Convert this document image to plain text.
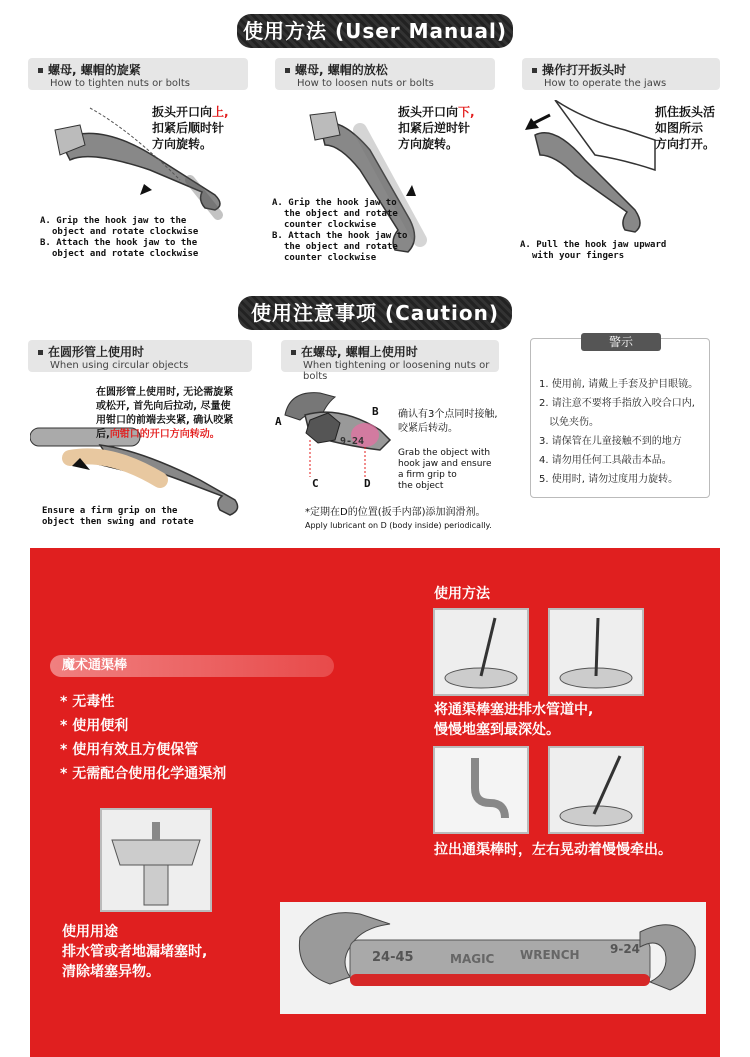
使用方法 (User Manual)
螺母, 螺帽的旋紧
How to tighten nuts or bolts
螺母, 螺帽的放松
How to loosen nuts or bolts
操作打开扳头时
How to operate the jaws
扳头开口向上,
扣紧后顺时针
方向旋转。
A. Grip the hook jaw to the
object and rotate clockwise
B. Attach the hook jaw to the
object and rotate clockwise
扳头开口向下,
扣紧后逆时针
方向旋转。
A. Grip the hook jaw to
the object and rotate
counter clockwise
B. Attach the hook jaw to
the object and rotate
counter clockwise
抓住扳头活
如图所示
方向打开。
A. Pull the hook jaw upward
with your fingers
使用注意事项 (Caution)
在圆形管上使用时
When using circular objects
在螺母, 螺帽上使用时
When tightening or loosening nuts or bolts
在圆形管上使用时, 无论需旋紧
或松开, 首先向后拉动, 尽量使
用钳口的前端去夹紧, 确认咬紧
后,向钳口的开口方向转动。
Ensure a firm grip on the
object then swing and rotate
A
B
C	D
9-24
确认有3个点同时接触,
咬紧后转动。
Grab the object with
hook jaw and ensure
a firm grip to
the object
*定期在D的位置(扳手内部)添加润滑剂。
Apply lubricant on D (body inside) periodically.
警示
1. 使用前, 请戴上手套及护目眼镜。
2. 请注意不要将手指放入咬合口内,
以免夹伤。
3. 请保管在儿童接触不到的地方
4. 请勿用任何工具敲击本品。
5. 使用时, 请勿过度用力旋转。
魔术通渠棒
* 无毒性
* 使用便利
* 使用有效且方便保管
* 无需配合使用化学通渠剂
使用用途
排水管或者地漏堵塞时,
清除堵塞异物。
使用方法
将通渠棒塞进排水管道中,
慢慢地塞到最深处。
拉出通渠棒时，左右晃动着慢慢牵出。
24-45	MAGIC WRENCH	9-24
